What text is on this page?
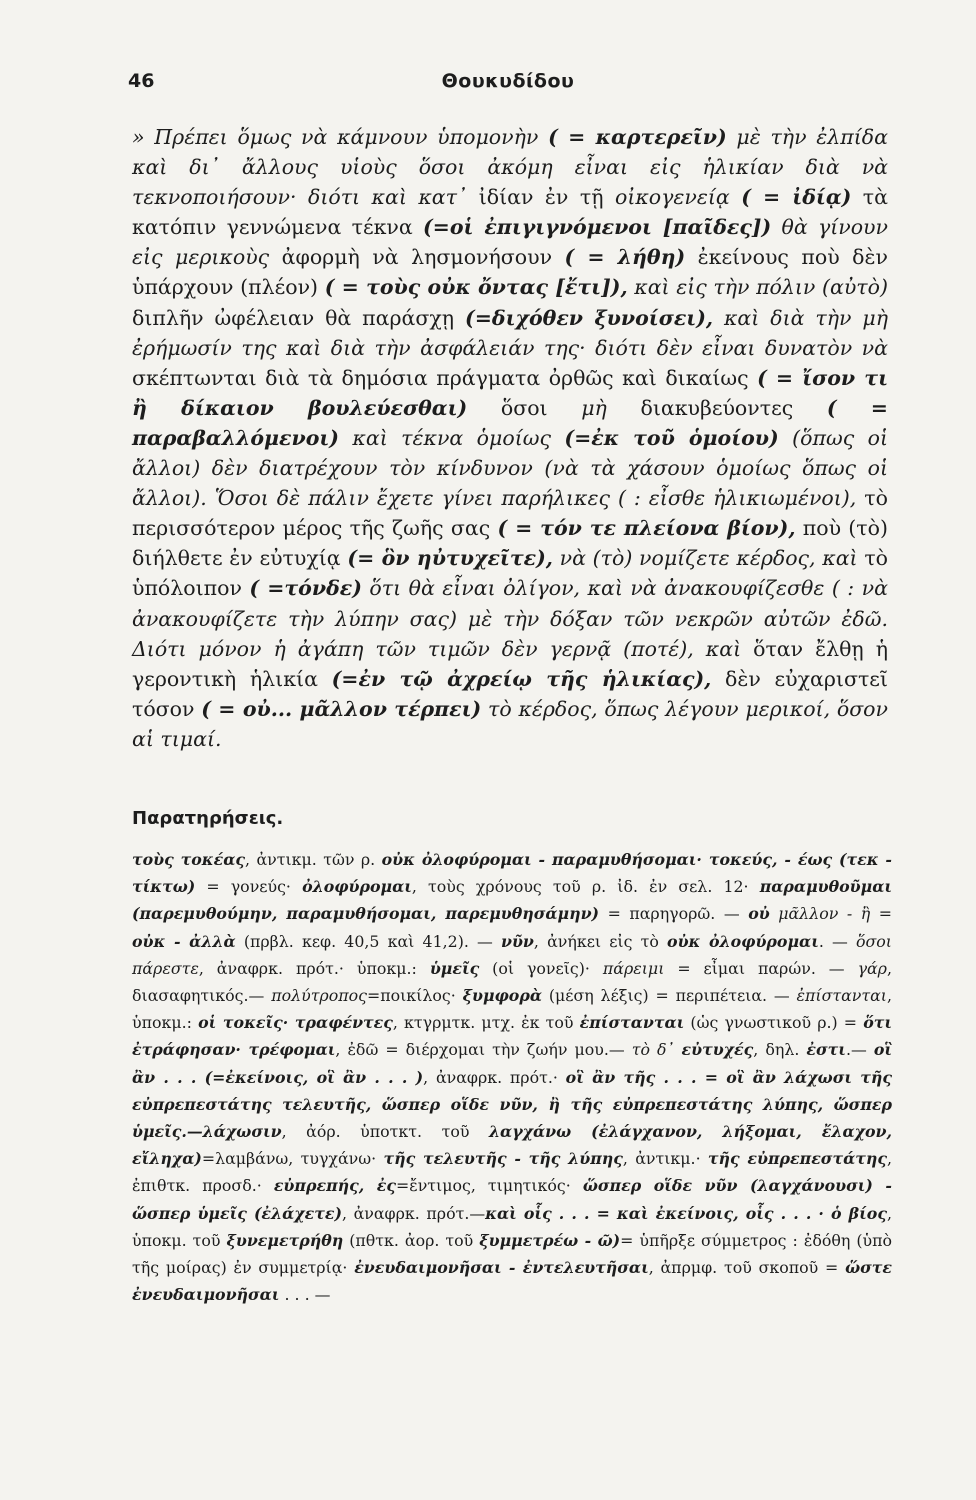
46	Θουκυδίδου

» Πρέπει ὅμως νὰ κάμνουν ὑπομονὴν ( = καρτερεῖν) μὲ τὴν ἐλπίδα καὶ δι᾿ ἄλλους υἱοὺς ὅσοι ἀκόμη εἶναι εἰς ἡλικίαν διὰ νὰ τεκνοποιήσουν· διότι καὶ κατ᾿ ἰδίαν ἐν τῇ οἰκογενείᾳ ( = ἰδίᾳ) τὰ κατόπιν γεννώμενα τέκνα (=οἱ ἐπιγιγνόμενοι [παῖδες]) θὰ γίνουν εἰς μερικοὺς ἀφορμὴ νὰ λησμονήσουν ( = λήθη) ἐκείνους ποὺ δὲν ὑπάρχουν (πλέον) ( = τοὺς οὐκ ὄντας [ἔτι]), καὶ εἰς τὴν πόλιν (αὐτὸ) διπλῆν ὠφέλειαν θὰ παράσχῃ (=διχόθεν ξυνοίσει), καὶ διὰ τὴν μὴ ἐρήμωσίν της καὶ διὰ τὴν ἀσφάλειάν της· διότι δὲν εἶναι δυνατὸν νὰ σκέπτωνται διὰ τὰ δημόσια πράγματα ὀρθῶς καὶ δικαίως ( = ἴσον τι ἢ δίκαιον βουλεύεσθαι) ὅσοι μὴ διακυβεύοντες ( = παραβαλλόμενοι) καὶ τέκνα ὁμοίως (=ἐκ τοῦ ὁμοίου) (ὅπως οἱ ἄλλοι) δὲν διατρέχουν τὸν κίνδυνον (νὰ τὰ χάσουν ὁμοίως ὅπως οἱ ἄλλοι). Ὅσοι δὲ πάλιν ἔχετε γίνει παρήλικες ( : εἶσθε ἡλικιωμένοι), τὸ περισσότερον μέρος τῆς ζωῆς σας ( = τόν τε πλείονα βίον), ποὺ (τὸ) διήλθετε ἐν εὐτυχίᾳ (= ὃν ηὐτυχεῖτε), νὰ (τὸ) νομίζετε κέρδος, καὶ τὸ ὑπόλοιπον ( =τόνδε) ὅτι θὰ εἶναι ὀλίγον, καὶ νὰ ἀνακουφίζεσθε ( : νὰ ἀνακουφίζετε τὴν λύπην σας) μὲ τὴν δόξαν τῶν νεκρῶν αὐτῶν ἐδῶ. Διότι μόνον ἡ ἀγάπη τῶν τιμῶν δὲν γερνᾷ (ποτέ), καὶ ὅταν ἔλθῃ ἡ γεροντικὴ ἡλικία (=ἐν τῷ ἀχρείῳ τῆς ἡλικίας), δὲν εὐχαριστεῖ τόσον ( = οὐ... μᾶλλον τέρπει) τὸ κέρδος, ὅπως λέγουν μερικοί, ὅσον αἱ τιμαί.

Παρατηρήσεις.

τοὺς τοκέας, ἀντικμ. τῶν ρ. οὐκ ὀλοφύρομαι - παραμυθήσομαι· τοκεύς, - έως (τεκ - τίκτω) = γονεύς· ὀλοφύρομαι, τοὺς χρόνους τοῦ ρ. ἰδ. ἐν σελ. 12· παραμυθοῦμαι (παρεμυθούμην, παραμυθήσομαι, παρεμυθησάμην) = παρηγορῶ. — οὐ μᾶλλον - ἢ = οὐκ - ἀλλὰ (πρβλ. κεφ. 40,5 καὶ 41,2). — νῦν, ἀνήκει εἰς τὸ οὐκ ὀλοφύρομαι. — ὅσοι πάρεστε, ἀναφρκ. πρότ.· ὑποκμ.: ὑμεῖς (οἱ γονεῖς)· πάρειμι = εἶμαι παρών. — γάρ, διασαφητικός.— πολύτροπος=ποικίλος· ξυμφορὰ (μέση λέξις) = περιπέτεια. — ἐπίστανται, ὑποκμ.: οἱ τοκεῖς· τραφέντες, κτγρμτκ. μτχ. ἐκ τοῦ ἐπίστανται (ὡς γνωστικοῦ ρ.) = ὅτι ἐτράφησαν· τρέφομαι, ἐδῶ = διέρχομαι τὴν ζωήν μου.— τὸ δ᾿ εὐτυχές, δηλ. ἐστι.— οἳ ἂν . . . (=ἐκείνοις, οἳ ἂν . . . ), ἀναφρκ. πρότ.· οἳ ἂν τῆς . . . = οἳ ἂν λάχωσι τῆς εὐπρεπεστάτης τελευτῆς, ὥσπερ οἵδε νῦν, ἢ τῆς εὐπρεπεστάτης λύπης, ὥσπερ ὑμεῖς.—λάχωσιν, ἀόρ. ὑποτκτ. τοῦ λαγχάνω (ἐλάγχανον, λήξομαι, ἔλαχον, εἴληχα)=λαμβάνω, τυγχάνω· τῆς τελευτῆς - τῆς λύπης, ἀντικμ.· τῆς εὐπρεπεστάτης, ἐπιθτκ. προσδ.· εὐπρεπής, ἐς=ἔντιμος, τιμητικός· ὥσπερ οἵδε νῦν (λαγχάνουσι) - ὥσπερ ὑμεῖς (ἐλάχετε), ἀναφρκ. πρότ.—καὶ οἷς . . . = καὶ ἐκείνοις, οἷς . . . · ὁ βίος, ὑποκμ. τοῦ ξυνεμετρήθη (πθτκ. ἀορ. τοῦ ξυμμετρέω - ῶ)= ὑπῆρξε σύμμετρος : ἐδόθη (ὑπὸ τῆς μοίρας) ἐν συμμετρίᾳ· ἐνευδαιμονῆσαι - ἐντελευτῆσαι, ἀπρμφ. τοῦ σκοποῦ = ὥστε ἐνευδαιμονῆσαι . . . —
